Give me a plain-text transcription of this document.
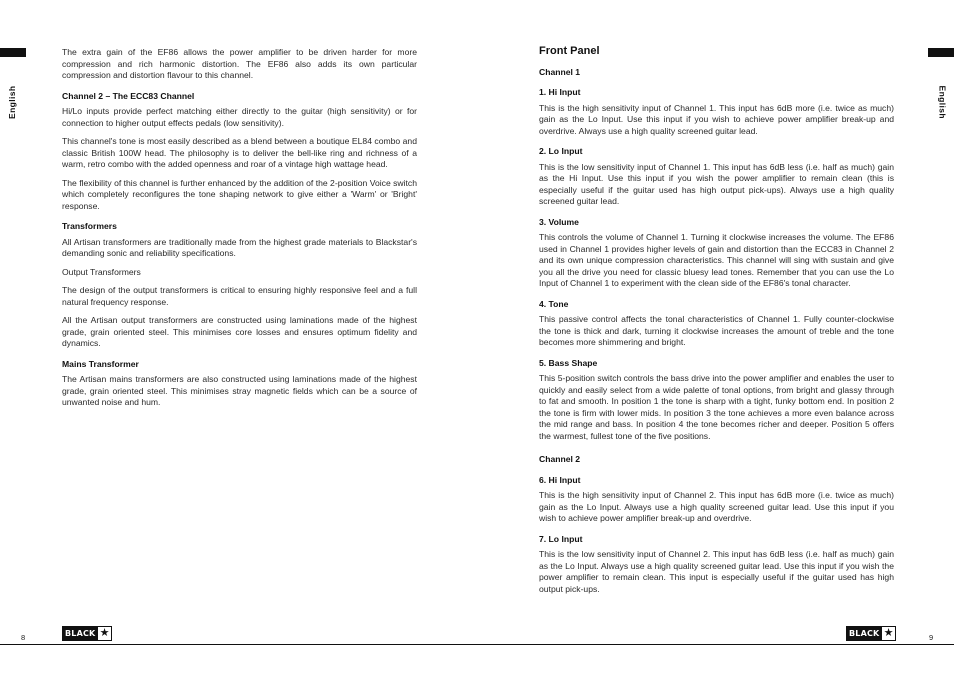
English	English

The extra gain of the EF86 allows the power amplifier to be driven harder for more compression and rich harmonic distortion. The EF86 also adds its own particular compression and distortion flavour to this channel.

Channel 2 – The ECC83 Channel

Hi/Lo inputs provide perfect matching either directly to the guitar (high sensitivity) or for connection to higher output effects pedals (low sensitivity).

This channel's tone is most easily described as a blend between a boutique EL84 combo and classic British 100W head. The philosophy is to deliver the bell-like ring and richness of a warm, retro combo with the added openness and roar of a vintage high wattage head.

The flexibility of this channel is further enhanced by the addition of the 2-position Voice switch which completely reconfigures the tone shaping network to give either a 'Warm' or 'Bright' response.

Transformers

All Artisan transformers are traditionally made from the highest grade materials to Blackstar's demanding sonic and reliability specifications.

Output Transformers

The design of the output transformers is critical to ensuring highly responsive feel and a full natural frequency response.

All the Artisan output transformers are constructed using laminations made of the highest grade, grain oriented steel. This minimises core losses and ensures optimum fidelity and dynamics.

Mains Transformer

The Artisan mains transformers are also constructed using laminations made of the highest grade, grain oriented steel. This minimises stray magnetic fields which can be a source of unwanted noise and hum.

Front Panel
Channel 1
1. Hi Input

This is the high sensitivity input of Channel 1. This input has 6dB more (i.e. twice as much) gain as the Lo Input. Use this input if you wish to achieve power amplifier break-up and overdrive. Always use a high quality screened guitar lead.

2. Lo Input

This is the low sensitivity input of Channel 1. This input has 6dB less (i.e. half as much) gain as the Hi Input. Use this input if you wish the power amplifier to remain clean (this is especially useful if the guitar used has high output pick-ups). Always use a high quality screened guitar lead.

3. Volume

This controls the volume of Channel 1. Turning it clockwise increases the volume. The EF86 used in Channel 1 provides higher levels of gain and distortion than the ECC83 in Channel 2 and its own unique compression characteristics. This channel will sing with sustain and give you all the drive you need for classic bluesy lead tones. Remember that you can use the Lo Input of Channel 1 to experiment with the clean side of the EF86's tonal character.

4. Tone

This passive control affects the tonal characteristics of Channel 1. Fully counter-clockwise the tone is thick and dark, turning it clockwise increases the amount of treble and the tone becomes more shimmering and bright.

5. Bass Shape

This 5-position switch controls the bass drive into the power amplifier and enables the user to quickly and easily select from a wide palette of tonal options, from bright and glassy through to fat and smooth. In position 1 the tone is sharp with a tight, funky bottom end. In position 2 the tone is firm with lower mids. In position 3 the tone achieves a more even balance across the mid range and bass. In position 4 the tone becomes richer and deeper. Position 5 offers the warmest, fullest tone of the five positions.

Channel 2
6. Hi Input

This is the high sensitivity input of Channel 2. This input has 6dB more (i.e. twice as much) gain as the Lo Input. Always use a high quality screened guitar lead. Use this input if you wish to achieve power amplifier break-up and overdrive.

7. Lo Input

This is the low sensitivity input of Channel 2. This input has 6dB less (i.e. half as much) gain as the Lo Input. Always use a high quality screened guitar lead. Use this input if you wish the power amplifier to remain clean. This input is especially useful if the guitar used has high output pick-ups.

BLACK ★	BLACK ★
8	9
